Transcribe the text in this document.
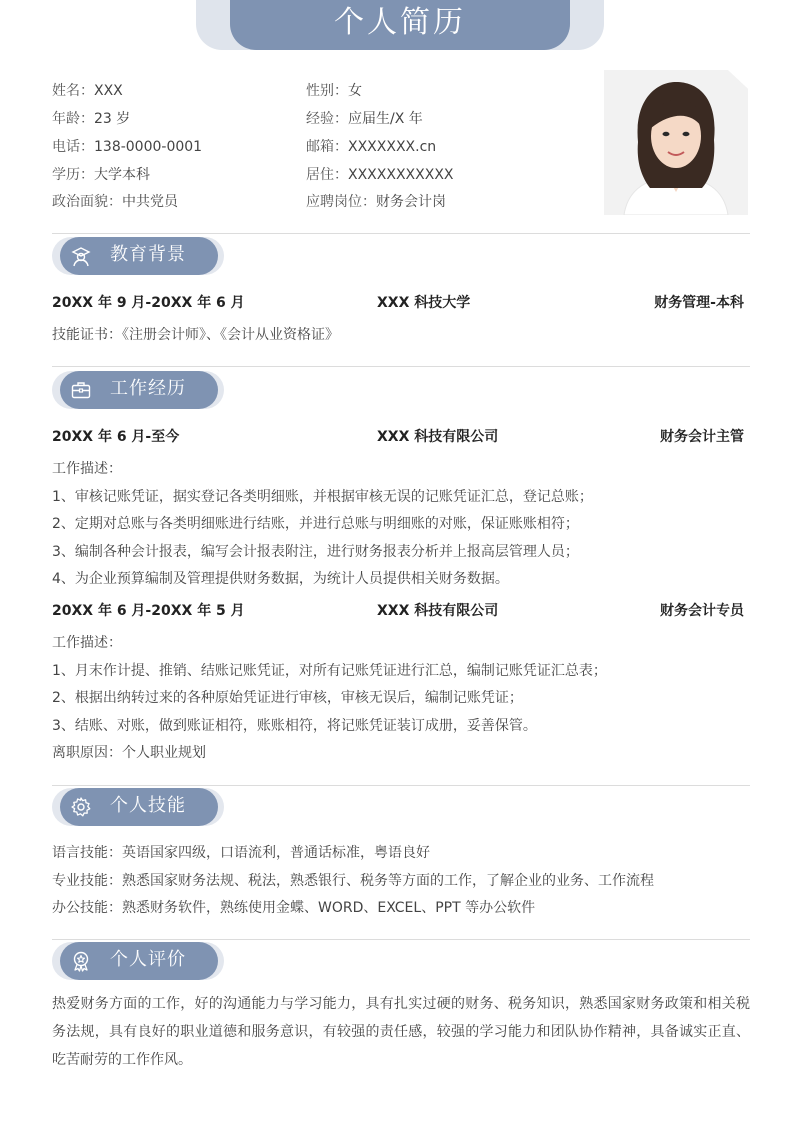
个人简历
姓名：XXX
年龄：23 岁
电话：138-0000-0001
学历：大学本科
政治面貌：中共党员
性别：女
经验：应届生/X 年
邮箱：XXXXXXX.cn
居住：XXXXXXXXXXX
应聘岗位：财务会计岗
教育背景
20XX 年 9 月-20XX 年 6 月	XXX 科技大学	财务管理-本科
技能证书：《注册会计师》、《会计从业资格证》
工作经历
20XX 年 6 月-至今	XXX 科技有限公司	财务会计主管
工作描述：
1、审核记账凭证，据实登记各类明细账，并根据审核无误的记账凭证汇总，登记总账；
2、定期对总账与各类明细账进行结账，并进行总账与明细账的对账，保证账账相符；
3、编制各种会计报表，编写会计报表附注，进行财务报表分析并上报高层管理人员；
4、为企业预算编制及管理提供财务数据，为统计人员提供相关财务数据。
20XX 年 6 月-20XX 年 5 月	XXX 科技有限公司	财务会计专员
工作描述：
1、月末作计提、推销、结账记账凭证，对所有记账凭证进行汇总，编制记账凭证汇总表；
2、根据出纳转过来的各种原始凭证进行审核，审核无误后，编制记账凭证；
3、结账、对账，做到账证相符，账账相符，将记账凭证装订成册，妥善保管。
离职原因：个人职业规划
个人技能
语言技能：英语国家四级，口语流利，普通话标准，粤语良好
专业技能：熟悉国家财务法规、税法，熟悉银行、税务等方面的工作，了解企业的业务、工作流程
办公技能：熟悉财务软件，熟练使用金蝶、WORD、EXCEL、PPT 等办公软件
个人评价
热爱财务方面的工作，好的沟通能力与学习能力，具有扎实过硬的财务、税务知识，熟悉国家财务政策和相关税务法规，具有良好的职业道德和服务意识，有较强的责任感，较强的学习能力和团队协作精神，具备诚实正直、吃苦耐劳的工作作风。
